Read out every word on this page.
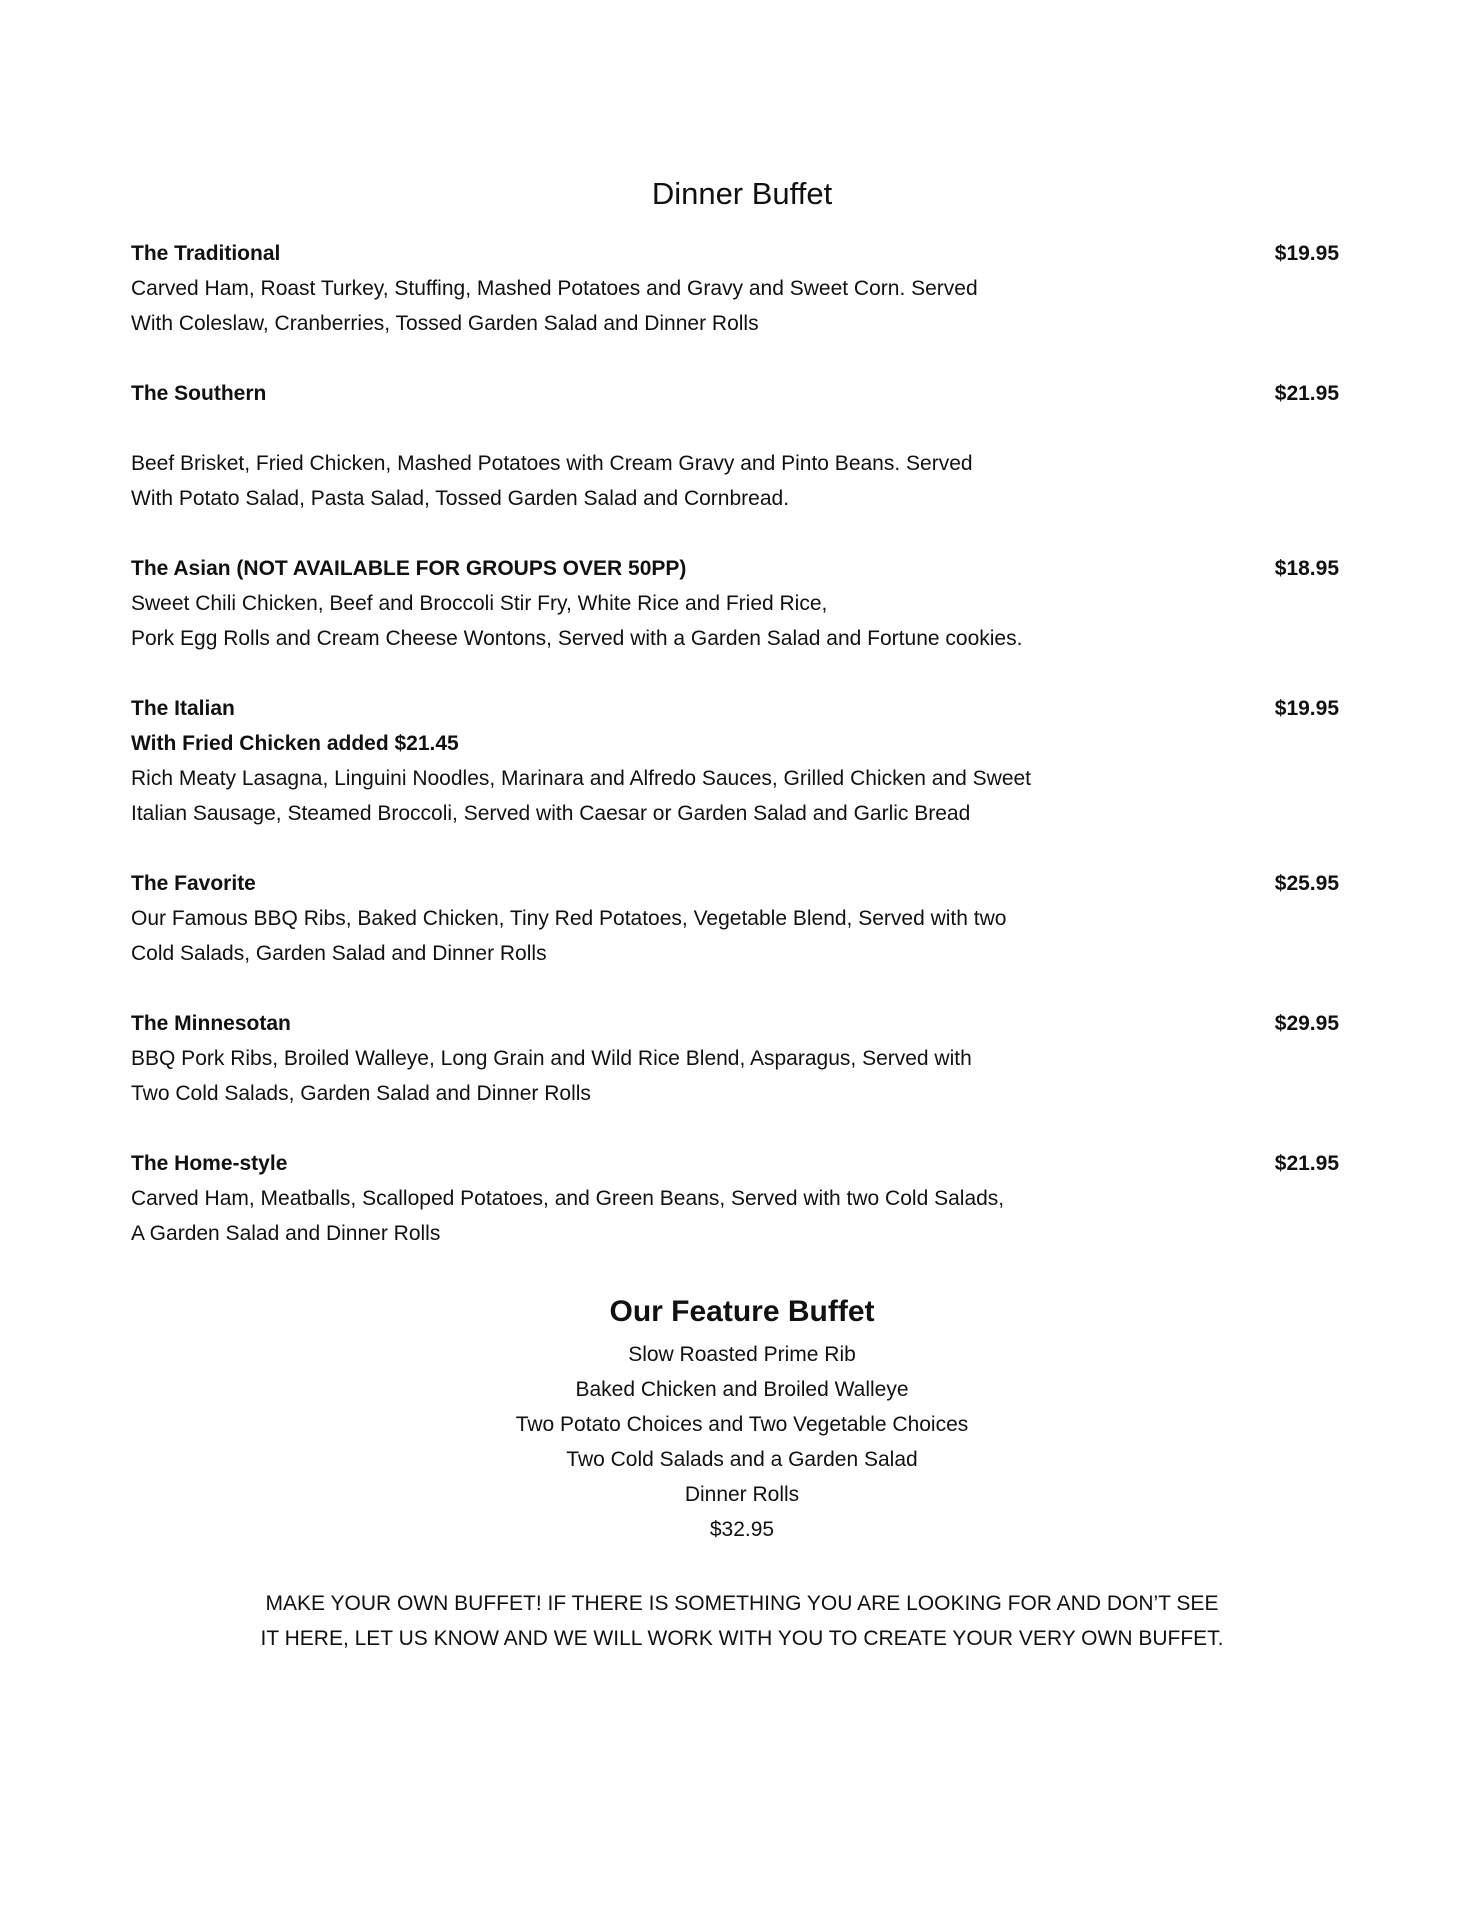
Dinner Buffet
The Traditional	$19.95
Carved Ham, Roast Turkey, Stuffing, Mashed Potatoes and Gravy and Sweet Corn. Served
With Coleslaw, Cranberries, Tossed Garden Salad and Dinner Rolls
The Southern	$21.95
Beef Brisket, Fried Chicken, Mashed Potatoes with Cream Gravy and Pinto Beans. Served
With Potato Salad, Pasta Salad, Tossed Garden Salad and Cornbread.
The Asian (NOT AVAILABLE FOR GROUPS OVER 50PP)	$18.95
Sweet Chili Chicken, Beef and Broccoli Stir Fry, White Rice and Fried Rice,
Pork Egg Rolls and Cream Cheese Wontons, Served with a Garden Salad and Fortune cookies.
The Italian	$19.95
With Fried Chicken added $21.45
Rich Meaty Lasagna, Linguini Noodles, Marinara and Alfredo Sauces, Grilled Chicken and Sweet
Italian Sausage, Steamed Broccoli, Served with Caesar or Garden Salad and Garlic Bread
The Favorite	$25.95
Our Famous BBQ Ribs, Baked Chicken, Tiny Red Potatoes, Vegetable Blend, Served with two
Cold Salads, Garden Salad and Dinner Rolls
The Minnesotan	$29.95
BBQ Pork Ribs, Broiled Walleye, Long Grain and Wild Rice Blend, Asparagus, Served with
Two Cold Salads, Garden Salad and Dinner Rolls
The Home-style	$21.95
Carved Ham, Meatballs, Scalloped Potatoes, and Green Beans, Served with two Cold Salads,
A Garden Salad and Dinner Rolls
Our Feature Buffet
Slow Roasted Prime Rib
Baked Chicken and Broiled Walleye
Two Potato Choices and Two Vegetable Choices
Two Cold Salads and a Garden Salad
Dinner Rolls
$32.95
MAKE YOUR OWN BUFFET! IF THERE IS SOMETHING YOU ARE LOOKING FOR AND DON’T SEE
IT HERE, LET US KNOW AND WE WILL WORK WITH YOU TO CREATE YOUR VERY OWN BUFFET.
